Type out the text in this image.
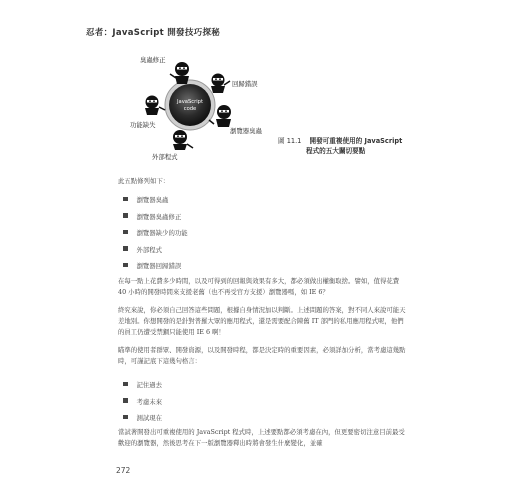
忍者：JavaScript 開發技巧探秘
JavaScript
code
臭蟲修正
回歸錯誤
瀏覽器臭蟲
外部程式
功能缺失
圖 11.1 開發可重複使用的 JavaScript
程式的五大關切要點
此五點條列如下：
瀏覽器臭蟲
瀏覽器臭蟲修正
瀏覽器缺少的功能
外部程式
瀏覽器回歸錯誤
在每一點上花費多少時間，以及可得到的回報與效果有多大，都必須做出權衡取捨。譬如，值得花費 40 小時的開發時間來支援老舊（也不再受官方支援）瀏覽器嗎，如 IE 6？
終究來說，你必須自己回答這些問題，根據自身情況加以判斷。上述問題的答案，對不同人來說可能天差地別。你想開發的是針對普羅大眾的應用程式，還是需要配合陳舊 IT 部門的私用應用程式呢，他們的員工仍遭受禁錮只能使用 IE 6 啊！
瞄準的使用者群眾、開發資源，以及開發時程，都是決定時的重要因素，必須詳加分析，當考慮這幾點時，可謹記底下這幾句格言：
記住過去
考慮未來
測試現在
當試著開發出可重複使用的 JavaScript 程式時，上述要點都必須考慮在內，但更要密切注意目前最受歡迎的瀏覽器，然後思考在下一版瀏覽器釋出時將會發生什麼變化，並確
272
